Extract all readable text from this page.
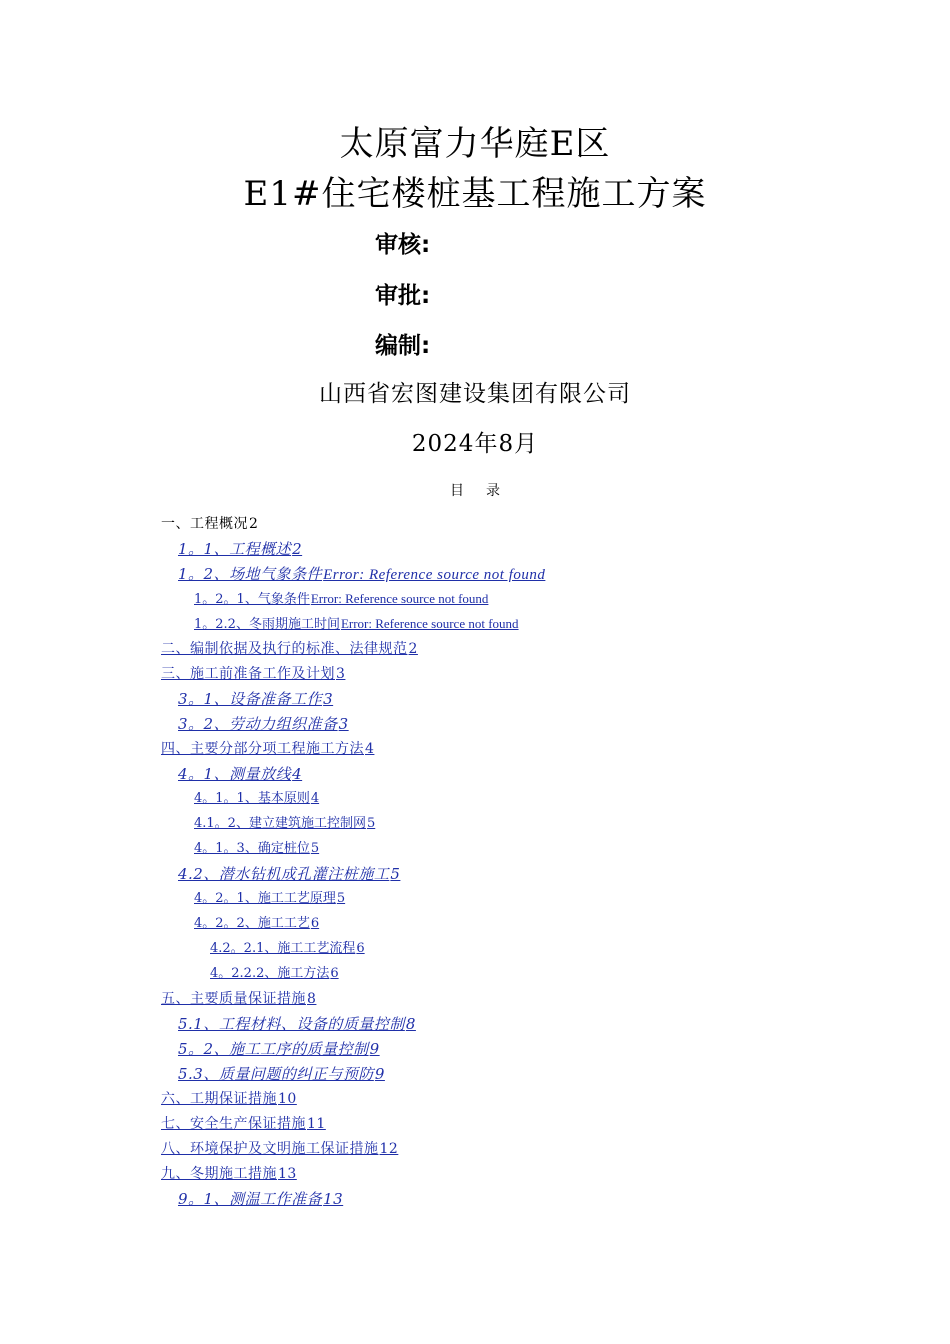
太原富力华庭E区
E1#住宅楼桩基工程施工方案
审核:
审批:
编制:
山西省宏图建设集团有限公司
2024年8月
目录
一、工程概况2
1。1、工程概述2
1。2、场地气象条件Error: Reference source not found
1。2。1、气象条件Error: Reference source not found
1。2.2、冬雨期施工时间Error: Reference source not found
二、编制依据及执行的标准、法律规范2
三、施工前准备工作及计划3
3。1、设备准备工作3
3。2、劳动力组织准备3
四、主要分部分项工程施工方法4
4。1、测量放线4
4。1。1、基本原则4
4.1。2、建立建筑施工控制网5
4。1。3、确定桩位5
4.2、潜水钻机成孔灌注桩施工5
4。2。1、施工工艺原理5
4。2。2、施工工艺6
4.2。2.1、施工工艺流程6
4。2.2.2、施工方法6
五、主要质量保证措施8
5.1、工程材料、设备的质量控制8
5。2、施工工序的质量控制9
5.3、质量问题的纠正与预防9
六、工期保证措施10
七、安全生产保证措施11
八、环境保护及文明施工保证措施12
九、冬期施工措施13
9。1、测温工作准备13
